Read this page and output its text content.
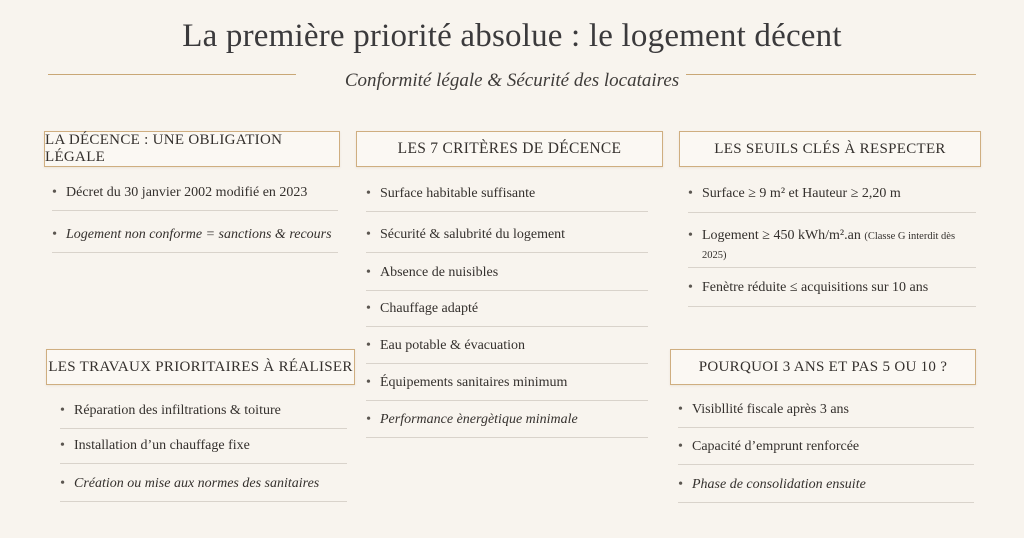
La première priorité absolue : le logement décent
Conformité légale & Sécurité des locataires
LA DÉCENCE : UNE OBLIGATION LÉGALE
• Décret du 30 janvier 2002 modifié en 2023
• Logement non conforme = sanctions & recours
LES TRAVAUX PRIORITAIRES À RÉALISER
• Réparation des infiltrations & toiture
• Installation d’un chauffage fixe
• Création ou mise aux normes des sanitaires
LES 7 CRITÈRES DE DÉCENCE
• Surface habitable suffisante
• Sécurité & salubrité du logement
• Absence de nuisibles
• Chauffage adapté
• Eau potable & évacuation
• Équipements sanitaires minimum
• Performance ènergètique minimale
LES SEUILS CLÉS À RESPECTER
• Surface ≥ 9 m² et Hauteur ≥ 2,20 m
• Logement ≥ 450 kWh/m².an (Classe G interdit dès 2025)
• Fenètre réduite ≤ acquisitions sur 10 ans
POURQUOI 3 ANS ET PAS 5 OU 10 ?
• Visibllité fiscale après 3 ans
• Capacité d’emprunt renforcée
• Phase de consolidation ensuite
